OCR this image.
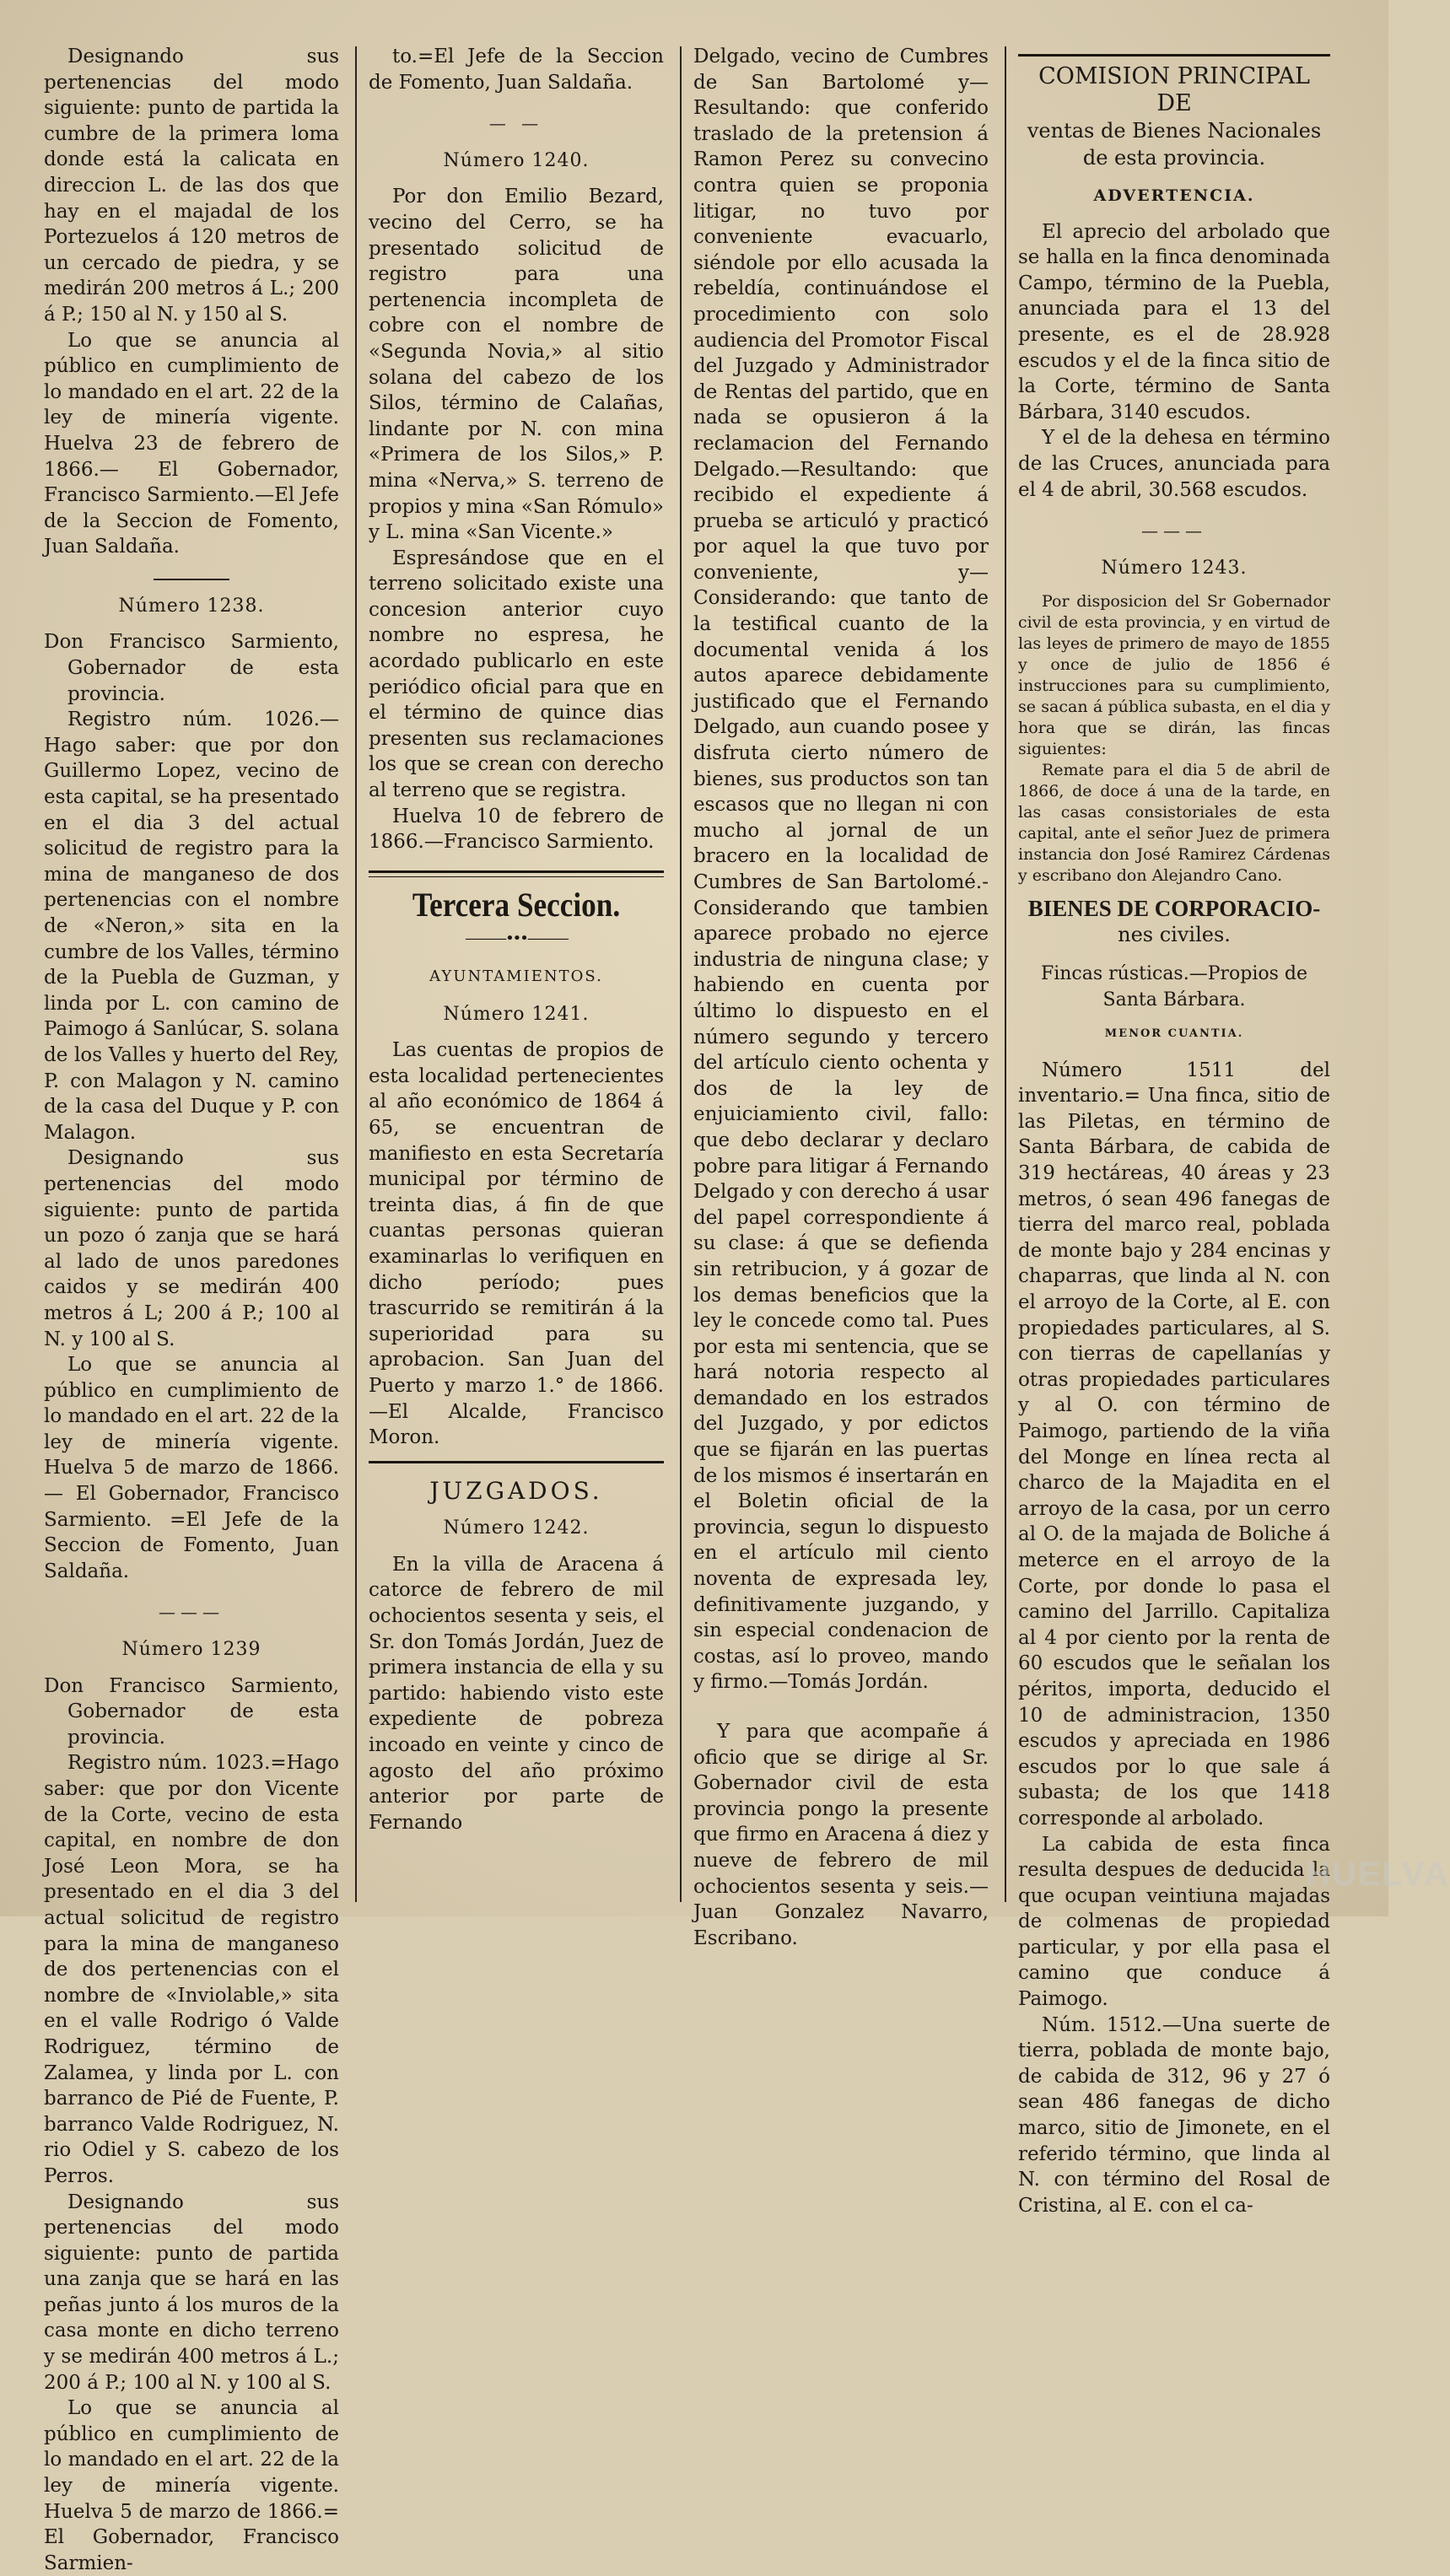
Designando sus pertenencias del modo siguiente: punto de partida la cumbre de la primera loma donde está la calicata en direccion L. de las dos que hay en el majadal de los Portezuelos á 120 metros de un cercado de piedra, y se medirán 200 metros á L.; 200 á P.; 150 al N. y 150 al S.

Lo que se anuncia al público en cumplimiento de lo mandado en el art. 22 de la ley de minería vigente. Huelva 23 de febrero de 1866.— El Gobernador, Francisco Sarmiento.—El Jefe de la Seccion de Fomento, Juan Saldaña.

Número 1238.

Don Francisco Sarmiento, Gobernador de esta provincia.

Registro núm. 1026.—Hago saber: que por don Guillermo Lopez, vecino de esta capital, se ha presentado en el dia 3 del actual solicitud de registro para la mina de manganeso de dos pertenencias con el nombre de «Neron,» sita en la cumbre de los Valles, término de la Puebla de Guzman, y linda por L. con camino de Paimogo á Sanlúcar, S. solana de los Valles y huerto del Rey, P. con Malagon y N. camino de la casa del Duque y P. con Malagon.

Designando sus pertenencias del modo siguiente: punto de partida un pozo ó zanja que se hará al lado de unos paredones caidos y se medirán 400 metros á L; 200 á P.; 100 al N. y 100 al S.

Lo que se anuncia al público en cumplimiento de lo mandado en el art. 22 de la ley de minería vigente. Huelva 5 de marzo de 1866.— El Gobernador, Francisco Sarmiento. =El Jefe de la Seccion de Fomento, Juan Saldaña.

———

Número 1239

Don Francisco Sarmiento, Gobernador de esta provincia.

Registro núm. 1023.=Hago saber: que por don Vicente de la Corte, vecino de esta capital, en nombre de don José Leon Mora, se ha presentado en el dia 3 del actual solicitud de registro para la mina de manganeso de dos pertenencias con el nombre de «Inviolable,» sita en el valle Rodrigo ó Valde Rodriguez, término de Zalamea, y linda por L. con barranco de Pié de Fuente, P. barranco Valde Rodriguez, N. rio Odiel y S. cabezo de los Perros.

Designando sus pertenencias del modo siguiente: punto de partida una zanja que se hará en las peñas junto á los muros de la casa monte en dicho terreno y se medirán 400 metros á L.; 200 á P.; 100 al N. y 100 al S.

Lo que se anuncia al público en cumplimiento de lo mandado en el art. 22 de la ley de minería vigente. Huelva 5 de marzo de 1866.= El Gobernador, Francisco Sarmien-

to.=El Jefe de la Seccion de Fomento, Juan Saldaña.

— —

Número 1240.

Por don Emilio Bezard, vecino del Cerro, se ha presentado solicitud de registro para una pertenencia incompleta de cobre con el nombre de «Segunda Novia,» al sitio solana del cabezo de los Silos, término de Calañas, lindante por N. con mina «Primera de los Silos,» P. mina «Nerva,» S. terreno de propios y mina «San Rómulo» y L. mina «San Vicente.»

Espresándose que en el terreno solicitado existe una concesion anterior cuyo nombre no espresa, he acordado publicarlo en este periódico oficial para que en el término de quince dias presenten sus reclamaciones los que se crean con derecho al terreno que se registra.

Huelva 10 de febrero de 1866.—Francisco Sarmiento.

Tercera Seccion.

———•••———

AYUNTAMIENTOS.

Número 1241.

Las cuentas de propios de esta localidad pertenecientes al año económico de 1864 á 65, se encuentran de manifiesto en esta Secretaría municipal por término de treinta dias, á fin de que cuantas personas quieran examinarlas lo verifiquen en dicho período; pues trascurrido se remitirán á la superioridad para su aprobacion. San Juan del Puerto y marzo 1.° de 1866.—El Alcalde, Francisco Moron.

JUZGADOS.

Número 1242.

En la villa de Aracena á catorce de febrero de mil ochocientos sesenta y seis, el Sr. don Tomás Jordán, Juez de primera instancia de ella y su partido: habiendo visto este expediente de pobreza incoado en veinte y cinco de agosto del año próximo anterior por parte de Fernando

Delgado, vecino de Cumbres de San Bartolomé y—Resultando: que conferido traslado de la pretension á Ramon Perez su convecino contra quien se proponia litigar, no tuvo por conveniente evacuarlo, siéndole por ello acusada la rebeldía, continuándose el procedimiento con solo audiencia del Promotor Fiscal del Juzgado y Administrador de Rentas del partido, que en nada se opusieron á la reclamacion del Fernando Delgado.—Resultando: que recibido el expediente á prueba se articuló y practicó por aquel la que tuvo por conveniente, y—Considerando: que tanto de la testifical cuanto de la documental venida á los autos aparece debidamente justificado que el Fernando Delgado, aun cuando posee y disfruta cierto número de bienes, sus productos son tan escasos que no llegan ni con mucho al jornal de un bracero en la localidad de Cumbres de San Bartolomé.-Considerando que tambien aparece probado no ejerce industria de ninguna clase; y habiendo en cuenta por último lo dispuesto en el número segundo y tercero del artículo ciento ochenta y dos de la ley de enjuiciamiento civil, fallo: que debo declarar y declaro pobre para litigar á Fernando Delgado y con derecho á usar del papel correspondiente á su clase: á que se defienda sin retribucion, y á gozar de los demas beneficios que la ley le concede como tal. Pues por esta mi sentencia, que se hará notoria respecto al demandado en los estrados del Juzgado, y por edictos que se fijarán en las puertas de los mismos é insertarán en el Boletin oficial de la provincia, segun lo dispuesto en el artículo mil ciento noventa de expresada ley, definitivamente juzgando, y sin especial condenacion de costas, así lo proveo, mando y firmo.—Tomás Jordán.

Y para que acompañe á oficio que se dirige al Sr. Gobernador civil de esta provincia pongo la presente que firmo en Aracena á diez y nueve de febrero de mil ochocientos sesenta y seis.—Juan Gonzalez Navarro, Escribano.

COMISION PRINCIPAL DE

ventas de Bienes Nacionales de esta provincia.

ADVERTENCIA.

El aprecio del arbolado que se halla en la finca denominada Campo, término de la Puebla, anunciada para el 13 del presente, es el de 28.928 escudos y el de la finca sitio de la Corte, término de Santa Bárbara, 3140 escudos.

Y el de la dehesa en término de las Cruces, anunciada para el 4 de abril, 30.568 escudos.

———

Número 1243.

Por disposicion del Sr Gobernador civil de esta provincia, y en virtud de las leyes de primero de mayo de 1855 y once de julio de 1856 é instrucciones para su cumplimiento, se sacan á pública subasta, en el dia y hora que se dirán, las fincas siguientes:

Remate para el dia 5 de abril de 1866, de doce á una de la tarde, en las casas consistoriales de esta capital, ante el señor Juez de primera instancia don José Ramirez Cárdenas y escribano don Alejandro Cano.

BIENES DE CORPORACIO-

nes civiles.

Fincas rústicas.—Propios de Santa Bárbara.

MENOR CUANTIA.

Número 1511 del inventario.= Una finca, sitio de las Piletas, en término de Santa Bárbara, de cabida de 319 hectáreas, 40 áreas y 23 metros, ó sean 496 fanegas de tierra del marco real, poblada de monte bajo y 284 encinas y chaparras, que linda al N. con el arroyo de la Corte, al E. con propiedades particulares, al S. con tierras de capellanías y otras propiedades particulares y al O. con término de Paimogo, partiendo de la viña del Monge en línea recta al charco de la Majadita en el arroyo de la casa, por un cerro al O. de la majada de Boliche á meterce en el arroyo de la Corte, por donde lo pasa el camino del Jarrillo. Capitaliza al 4 por ciento por la renta de 60 escudos que le señalan los péritos, importa, deducido el 10 de administracion, 1350 escudos y apreciada en 1986 escudos por lo que sale á subasta; de los que 1418 corresponde al arbolado.

La cabida de esta finca resulta despues de deducida la que ocupan veintiuna majadas de colmenas de propiedad particular, y por ella pasa el camino que conduce á Paimogo.

Núm. 1512.—Una suerte de tierra, poblada de monte bajo, de cabida de 312, 96 y 27 ó sean 486 fanegas de dicho marco, sitio de Jimonete, en el referido término, que linda al N. con término del Rosal de Cristina, al E. con el ca-

HUELVA
